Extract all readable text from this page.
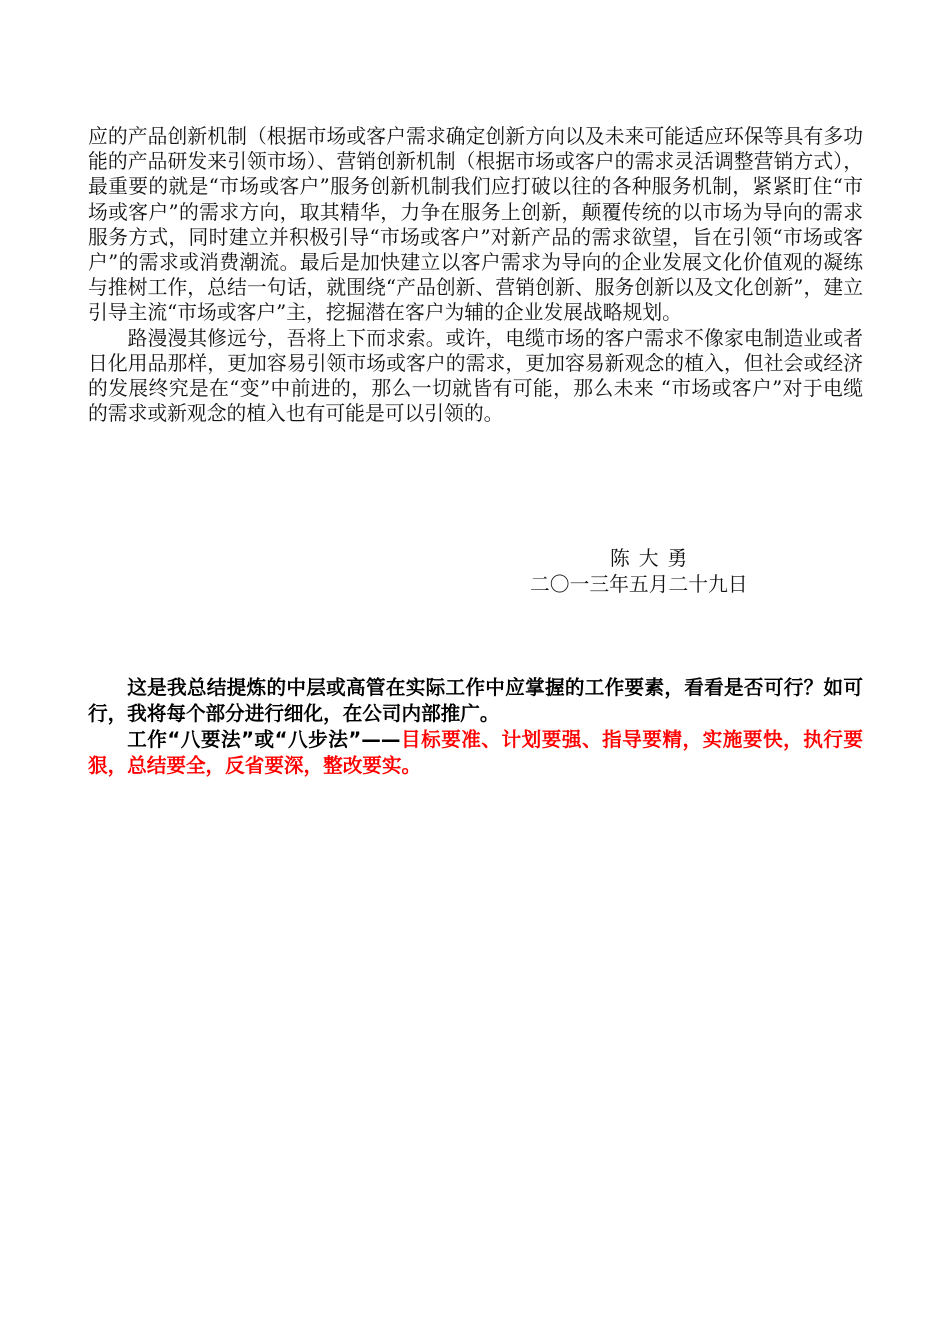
应的产品创新机制（根据市场或客户需求确定创新方向以及未来可能适应环保等具有多功能的产品研发来引领市场）、营销创新机制（根据市场或客户的需求灵活调整营销方式），最重要的就是“市场或客户”服务创新机制我们应打破以往的各种服务机制，紧紧盯住“市场或客户”的需求方向，取其精华，力争在服务上创新，颠覆传统的以市场为导向的需求服务方式，同时建立并积极引导“市场或客户”对新产品的需求欲望，旨在引领“市场或客户”的需求或消费潮流。最后是加快建立以客户需求为导向的企业发展文化价值观的凝练与推树工作，总结一句话，就围绕“产品创新、营销创新、服务创新以及文化创新”，建立引导主流“市场或客户”主，挖掘潜在客户为辅的企业发展战略规划。

路漫漫其修远兮，吾将上下而求索。或许，电缆市场的客户需求不像家电制造业或者日化用品那样，更加容易引领市场或客户的需求，更加容易新观念的植入，但社会或经济的发展终究是在“变”中前进的，那么一切就皆有可能，那么未来 “市场或客户”对于电缆的需求或新观念的植入也有可能是可以引领的。

陈大勇
二〇一三年五月二十九日

这是我总结提炼的中层或高管在实际工作中应掌握的工作要素，看看是否可行？如可行，我将每个部分进行细化，在公司内部推广。

工作“八要法”或“八步法”——目标要准、计划要强、指导要精，实施要快，执行要狠，总结要全，反省要深，整改要实。
